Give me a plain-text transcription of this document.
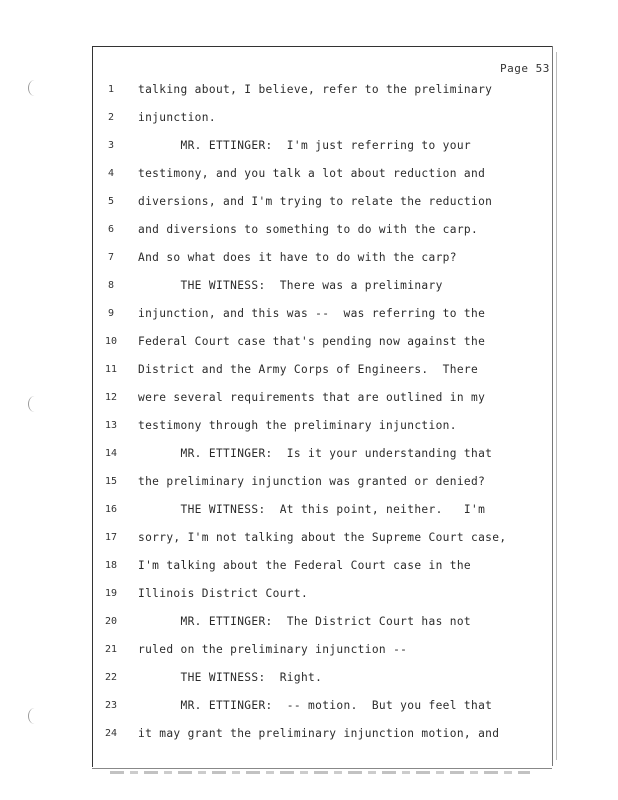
Page 53
1	talking about, I believe, refer to the preliminary
2	injunction.
3	MR. ETTINGER:  I'm just referring to your
4	testimony, and you talk a lot about reduction and
5	diversions, and I'm trying to relate the reduction
6	and diversions to something to do with the carp.
7	And so what does it have to do with the carp?
8	THE WITNESS:  There was a preliminary
9	injunction, and this was --  was referring to the
10	Federal Court case that's pending now against the
11	District and the Army Corps of Engineers.  There
12	were several requirements that are outlined in my
13	testimony through the preliminary injunction.
14	MR. ETTINGER:  Is it your understanding that
15	the preliminary injunction was granted or denied?
16	THE WITNESS:  At this point, neither.   I'm
17	sorry, I'm not talking about the Supreme Court case,
18	I'm talking about the Federal Court case in the
19	Illinois District Court.
20	MR. ETTINGER:  The District Court has not
21	ruled on the preliminary injunction --
22	THE WITNESS:  Right.
23	MR. ETTINGER:  -- motion.  But you feel that
24	it may grant the preliminary injunction motion, and
